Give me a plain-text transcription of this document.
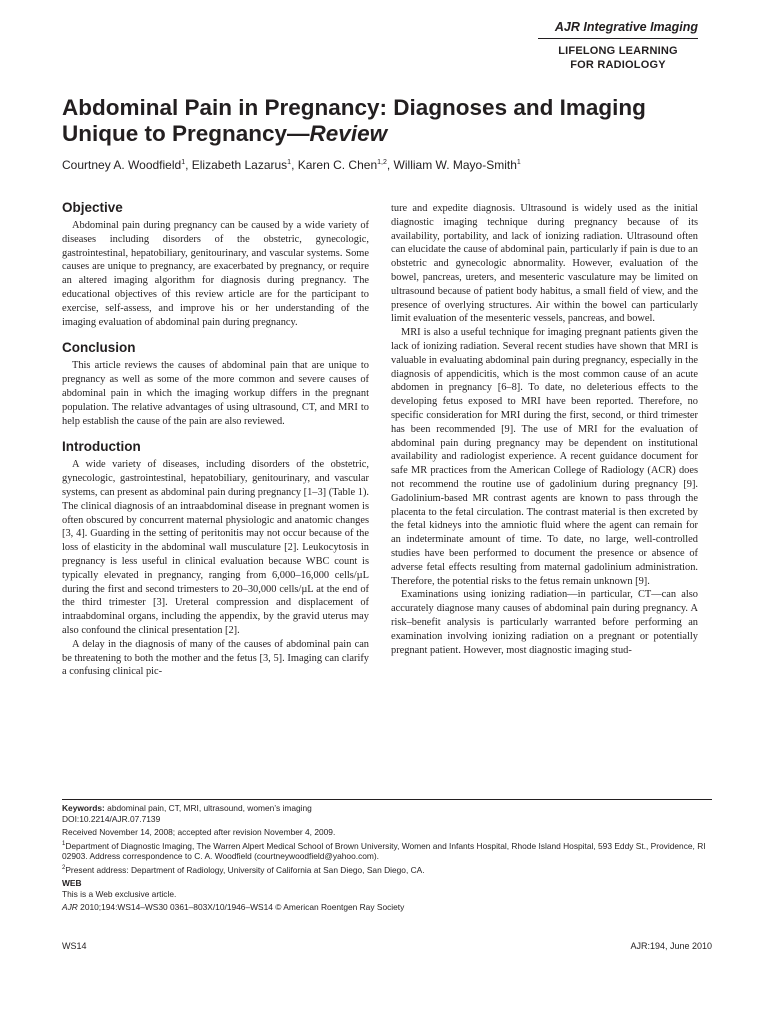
AJR Integrative Imaging
LIFELONG LEARNING
FOR RADIOLOGY
Abdominal Pain in Pregnancy: Diagnoses and Imaging Unique to Pregnancy—Review
Courtney A. Woodfield$^1$, Elizabeth Lazarus$^1$, Karen C. Chen$^{1,2}$, William W. Mayo-Smith$^1$
Objective

Abdominal pain during pregnancy can be caused by a wide variety of diseases including disorders of the obstetric, gynecologic, gastrointestinal, hepatobiliary, genitourinary, and vascular systems. Some causes are unique to pregnancy, are exacerbated by pregnancy, or require an altered imaging algorithm for diagnosis during pregnancy. The educational objectives of this review article are for the participant to exercise, self-assess, and improve his or her understanding of the imaging evaluation of abdominal pain during pregnancy.

Conclusion

This article reviews the causes of abdominal pain that are unique to pregnancy as well as some of the more common and severe causes of abdominal pain in which the imaging workup differs in the pregnant population. The relative advantages of using ultrasound, CT, and MRI to help establish the cause of the pain are also reviewed.

Introduction

A wide variety of diseases, including disorders of the obstetric, gynecologic, gastrointestinal, hepatobiliary, genitourinary, and vascular systems, can present as abdominal pain during pregnancy [1–3] (Table 1). The clinical diagnosis of an intraabdominal disease in pregnant women is often obscured by concurrent maternal physiologic and anatomic changes [3, 4]. Guarding in the setting of peritonitis may not occur because of the loss of elasticity in the abdominal wall musculature [2]. Leukocytosis in pregnancy is less useful in clinical evaluation because WBC count is typically elevated in pregnancy, ranging from 6,000–16,000 cells/µL during the first and second trimesters to 20–30,000 cells/µL at the end of the third trimester [3]. Ureteral compression and displacement of intraabdominal organs, including the appendix, by the gravid uterus may also confound the clinical presentation [2].

A delay in the diagnosis of many of the causes of abdominal pain can be threatening to both the mother and the fetus [3, 5]. Imaging can clarify a confusing clinical pic-

ture and expedite diagnosis. Ultrasound is widely used as the initial diagnostic imaging technique during pregnancy because of its availability, portability, and lack of ionizing radiation. Ultrasound often can elucidate the cause of abdominal pain, particularly if pain is due to an obstetric and gynecologic abnormality. However, evaluation of the bowel, pancreas, ureters, and mesenteric vasculature may be limited on ultrasound because of patient body habitus, a small field of view, and the presence of overlying structures. Air within the bowel can particularly limit evaluation of the mesenteric vessels, pancreas, and bowel.

MRI is also a useful technique for imaging pregnant patients given the lack of ionizing radiation. Several recent studies have shown that MRI is valuable in evaluating abdominal pain during pregnancy, especially in the diagnosis of appendicitis, which is the most common cause of an acute abdomen in pregnancy [6–8]. To date, no deleterious effects to the developing fetus exposed to MRI have been reported. Therefore, no specific consideration for MRI during the first, second, or third trimester has been recommended [9]. The use of MRI for the evaluation of abdominal pain during pregnancy may be dependent on institutional availability and radiologist experience. A recent guidance document for safe MR practices from the American College of Radiology (ACR) does not recommend the routine use of gadolinium during pregnancy [9]. Gadolinium-based MR contrast agents are known to pass through the placenta to the fetal circulation. The contrast material is then excreted by the fetal kidneys into the amniotic fluid where the agent can remain for an indeterminate amount of time. To date, no large, well-controlled studies have been performed to document the presence or absence of adverse fetal effects resulting from maternal gadolinium administration. Therefore, the potential risks to the fetus remain unknown [9].

Examinations using ionizing radiation—in particular, CT—can also accurately diagnose many causes of abdominal pain during pregnancy. A risk–benefit analysis is particularly warranted before performing an examination involving ionizing radiation on a pregnant or potentially pregnant patient. However, most diagnostic imaging stud-

Keywords: abdominal pain, CT, MRI, ultrasound, women’s imaging

DOI:10.2214/AJR.07.7139

Received November 14, 2008; accepted after revision November 4, 2009.

$^1$Department of Diagnostic Imaging, The Warren Alpert Medical School of Brown University, Women and Infants Hospital, Rhode Island Hospital, 593 Eddy St., Providence, RI 02903. Address correspondence to C. A. Woodfield (courtneywoodfield@yahoo.com).

$^2$Present address: Department of Radiology, University of California at San Diego, San Diego, CA.

WEB

This is a Web exclusive article.

AJR 2010;194:WS14–WS30 0361–803X/10/1946–WS14 © American Roentgen Ray Society

WS14	AJR:194, June 2010
